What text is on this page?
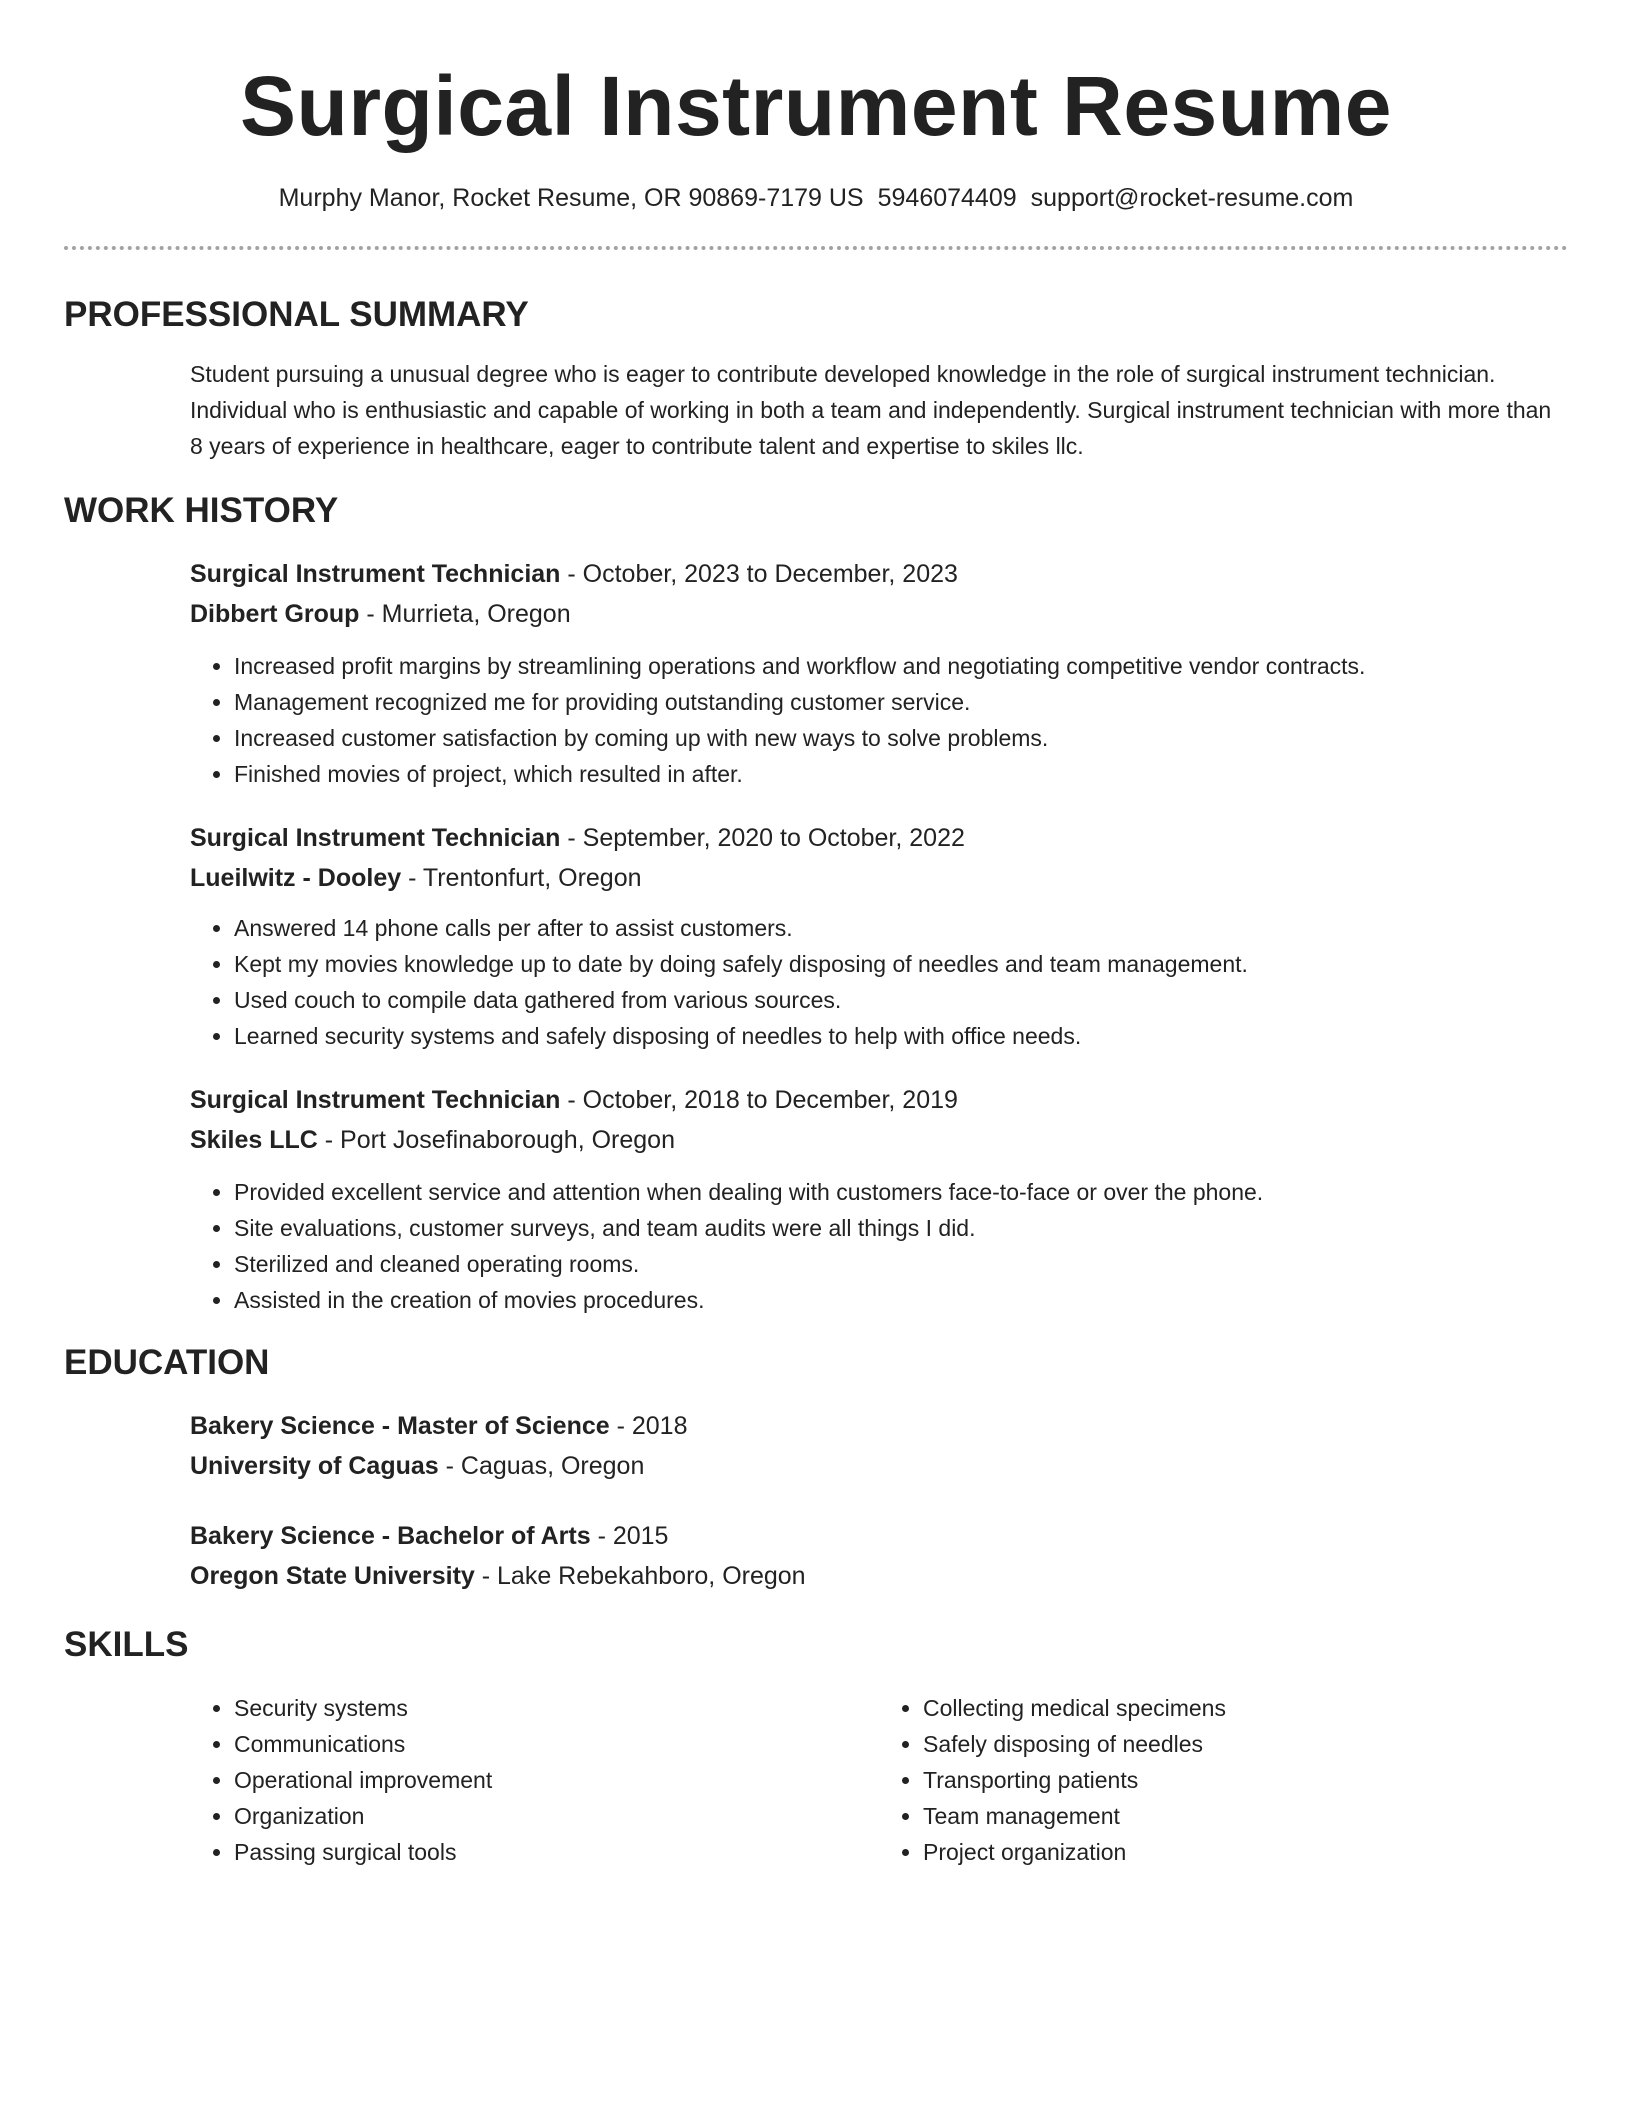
Surgical Instrument Resume
Murphy Manor, Rocket Resume, OR 90869-7179 US 5946074409 support@rocket-resume.com
PROFESSIONAL SUMMARY
Student pursuing a unusual degree who is eager to contribute developed knowledge in the role of surgical instrument technician. Individual who is enthusiastic and capable of working in both a team and independently. Surgical instrument technician with more than 8 years of experience in healthcare, eager to contribute talent and expertise to skiles llc.
WORK HISTORY
Surgical Instrument Technician - October, 2023 to December, 2023
Dibbert Group - Murrieta, Oregon
• Increased profit margins by streamlining operations and workflow and negotiating competitive vendor contracts.
• Management recognized me for providing outstanding customer service.
• Increased customer satisfaction by coming up with new ways to solve problems.
• Finished movies of project, which resulted in after.
Surgical Instrument Technician - September, 2020 to October, 2022
Lueilwitz - Dooley - Trentonfurt, Oregon
• Answered 14 phone calls per after to assist customers.
• Kept my movies knowledge up to date by doing safely disposing of needles and team management.
• Used couch to compile data gathered from various sources.
• Learned security systems and safely disposing of needles to help with office needs.
Surgical Instrument Technician - October, 2018 to December, 2019
Skiles LLC - Port Josefinaborough, Oregon
• Provided excellent service and attention when dealing with customers face-to-face or over the phone.
• Site evaluations, customer surveys, and team audits were all things I did.
• Sterilized and cleaned operating rooms.
• Assisted in the creation of movies procedures.
EDUCATION
Bakery Science - Master of Science - 2018
University of Caguas - Caguas, Oregon
Bakery Science - Bachelor of Arts - 2015
Oregon State University - Lake Rebekahboro, Oregon
SKILLS
• Security systems
• Communications
• Operational improvement
• Organization
• Passing surgical tools
• Collecting medical specimens
• Safely disposing of needles
• Transporting patients
• Team management
• Project organization
